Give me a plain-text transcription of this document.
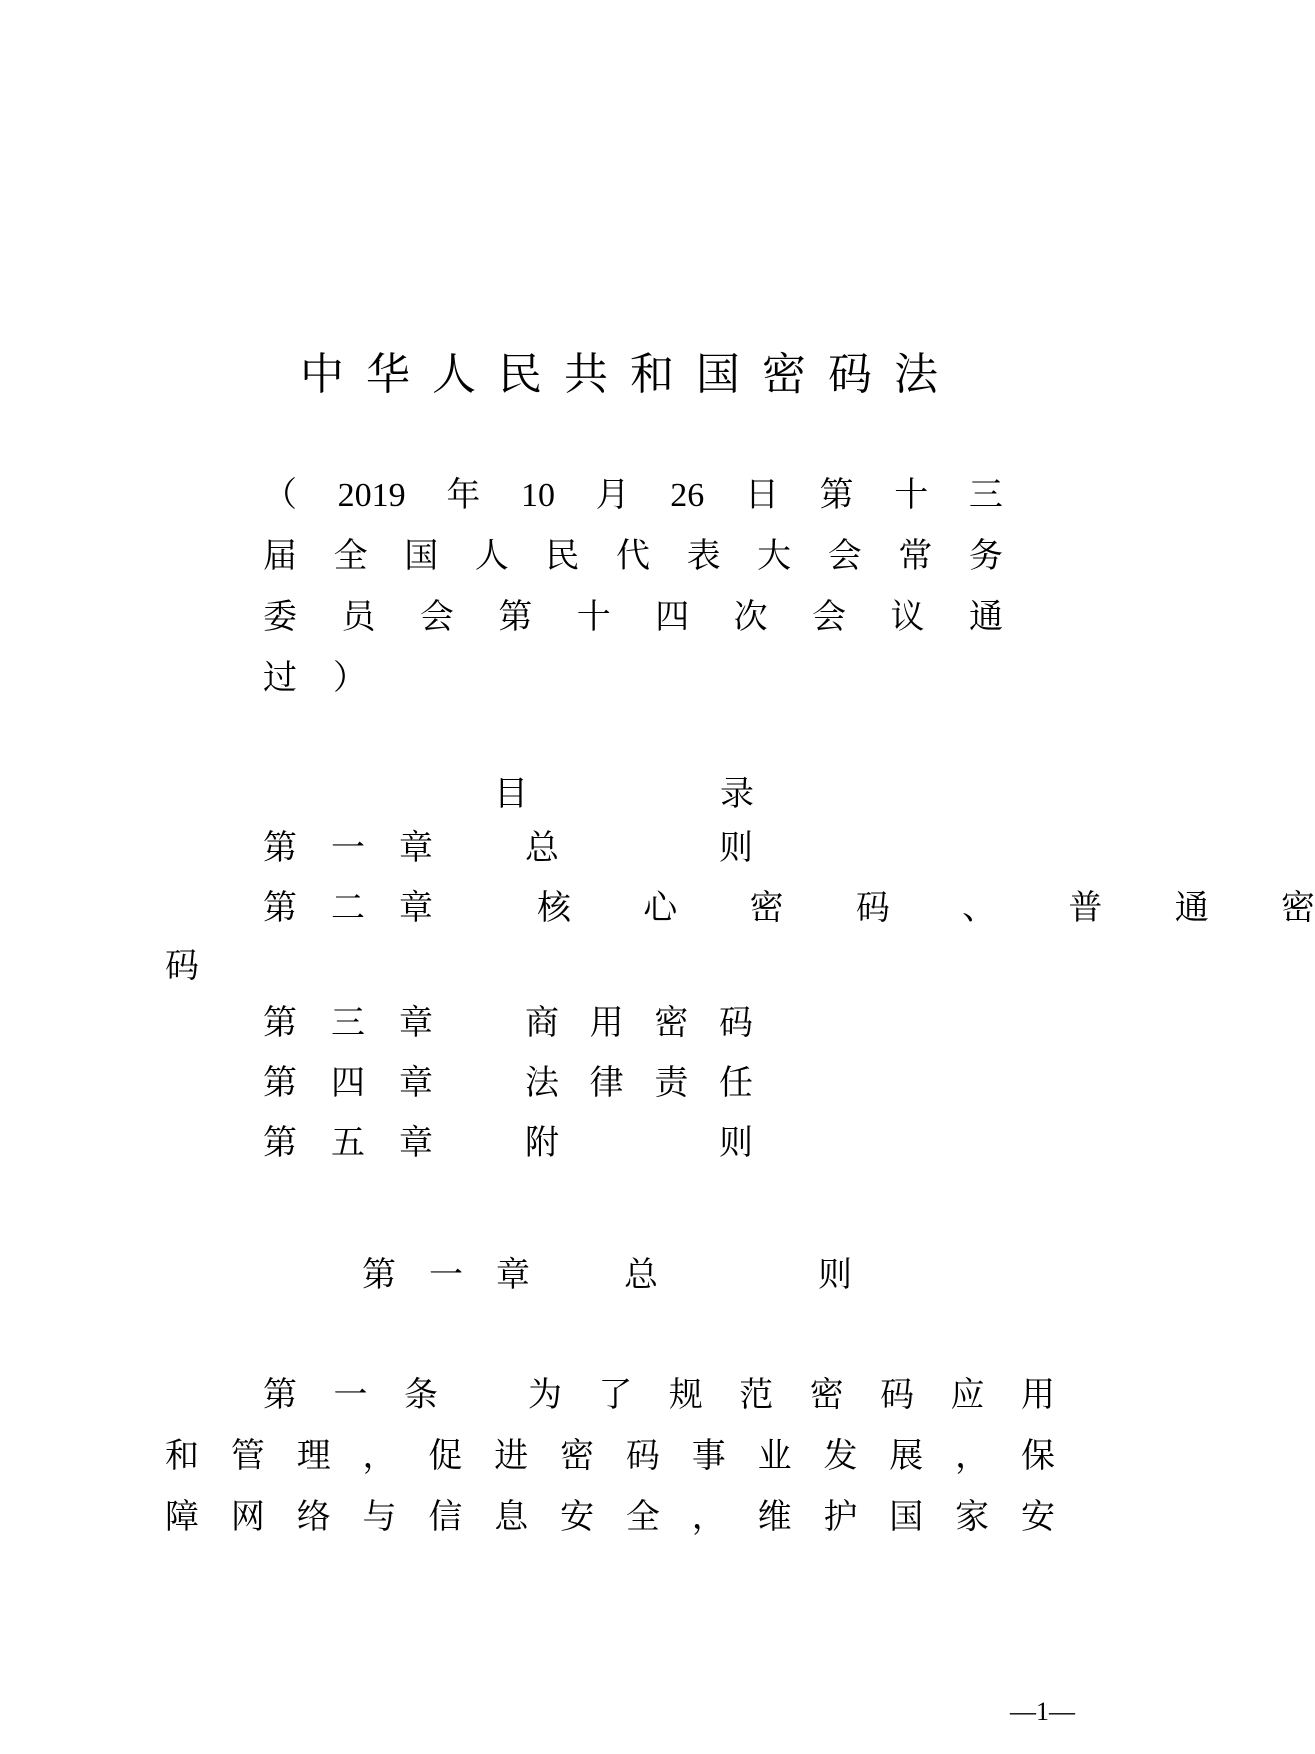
中华人民共和国密码法
（ 2019 年 10 月 26 日 第 十 三
届 全 国 人 民 代 表 大 会 常 务
委 员 会 第 十 四 次 会 议 通
过 ）
目	录
第 一 章	总	则
第 二 章	核 心 密 码 、 普 通 密
码
第 三 章	商 用 密 码
第 四 章	法 律 责 任
第 五 章	附	则
第 一 章	总	则
第 一 条	为 了 规 范 密 码 应 用
和 管 理 ， 促 进 密 码 事 业 发 展 ， 保
障 网 络 与 信 息 安 全 ， 维 护 国 家 安
—1—
